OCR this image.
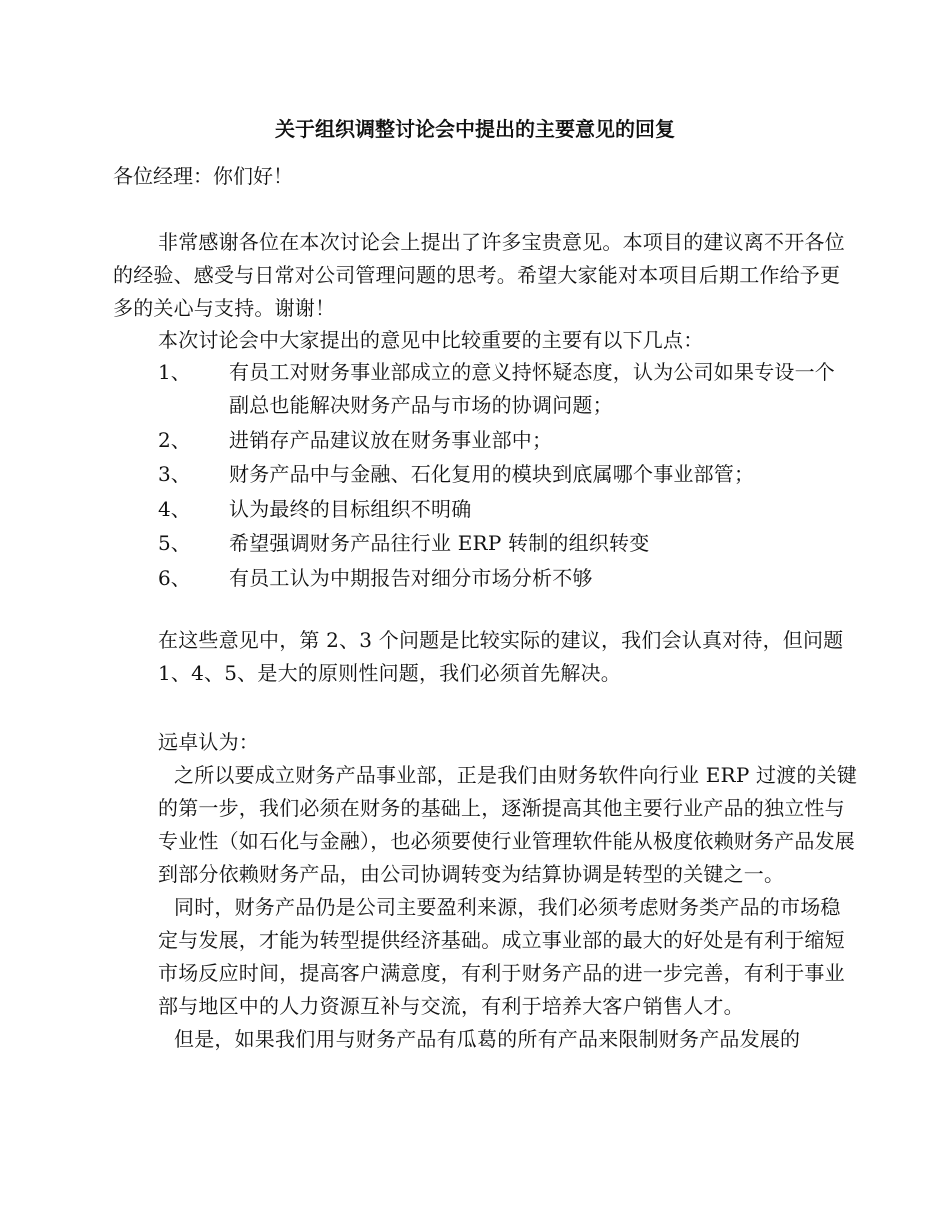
关于组织调整讨论会中提出的主要意见的回复
各位经理：你们好！
非常感谢各位在本次讨论会上提出了许多宝贵意见。本项目的建议离不开各位的经验、感受与日常对公司管理问题的思考。希望大家能对本项目后期工作给予更多的关心与支持。谢谢！
本次讨论会中大家提出的意见中比较重要的主要有以下几点：
1、	有员工对财务事业部成立的意义持怀疑态度，认为公司如果专设一个副总也能解决财务产品与市场的协调问题；
2、	进销存产品建议放在财务事业部中；
3、	财务产品中与金融、石化复用的模块到底属哪个事业部管；
4、	认为最终的目标组织不明确
5、	希望强调财务产品往行业 ERP 转制的组织转变
6、	有员工认为中期报告对细分市场分析不够
在这些意见中，第 2、3 个问题是比较实际的建议，我们会认真对待，但问题 1、4、5、是大的原则性问题，我们必须首先解决。
远卓认为：

之所以要成立财务产品事业部，正是我们由财务软件向行业 ERP 过渡的关键的第一步，我们必须在财务的基础上，逐渐提高其他主要行业产品的独立性与专业性（如石化与金融），也必须要使行业管理软件能从极度依赖财务产品发展到部分依赖财务产品，由公司协调转变为结算协调是转型的关键之一。

同时，财务产品仍是公司主要盈利来源，我们必须考虑财务类产品的市场稳定与发展，才能为转型提供经济基础。成立事业部的最大的好处是有利于缩短市场反应时间，提高客户满意度，有利于财务产品的进一步完善，有利于事业部与地区中的人力资源互补与交流，有利于培养大客户销售人才。

但是，如果我们用与财务产品有瓜葛的所有产品来限制财务产品发展的
